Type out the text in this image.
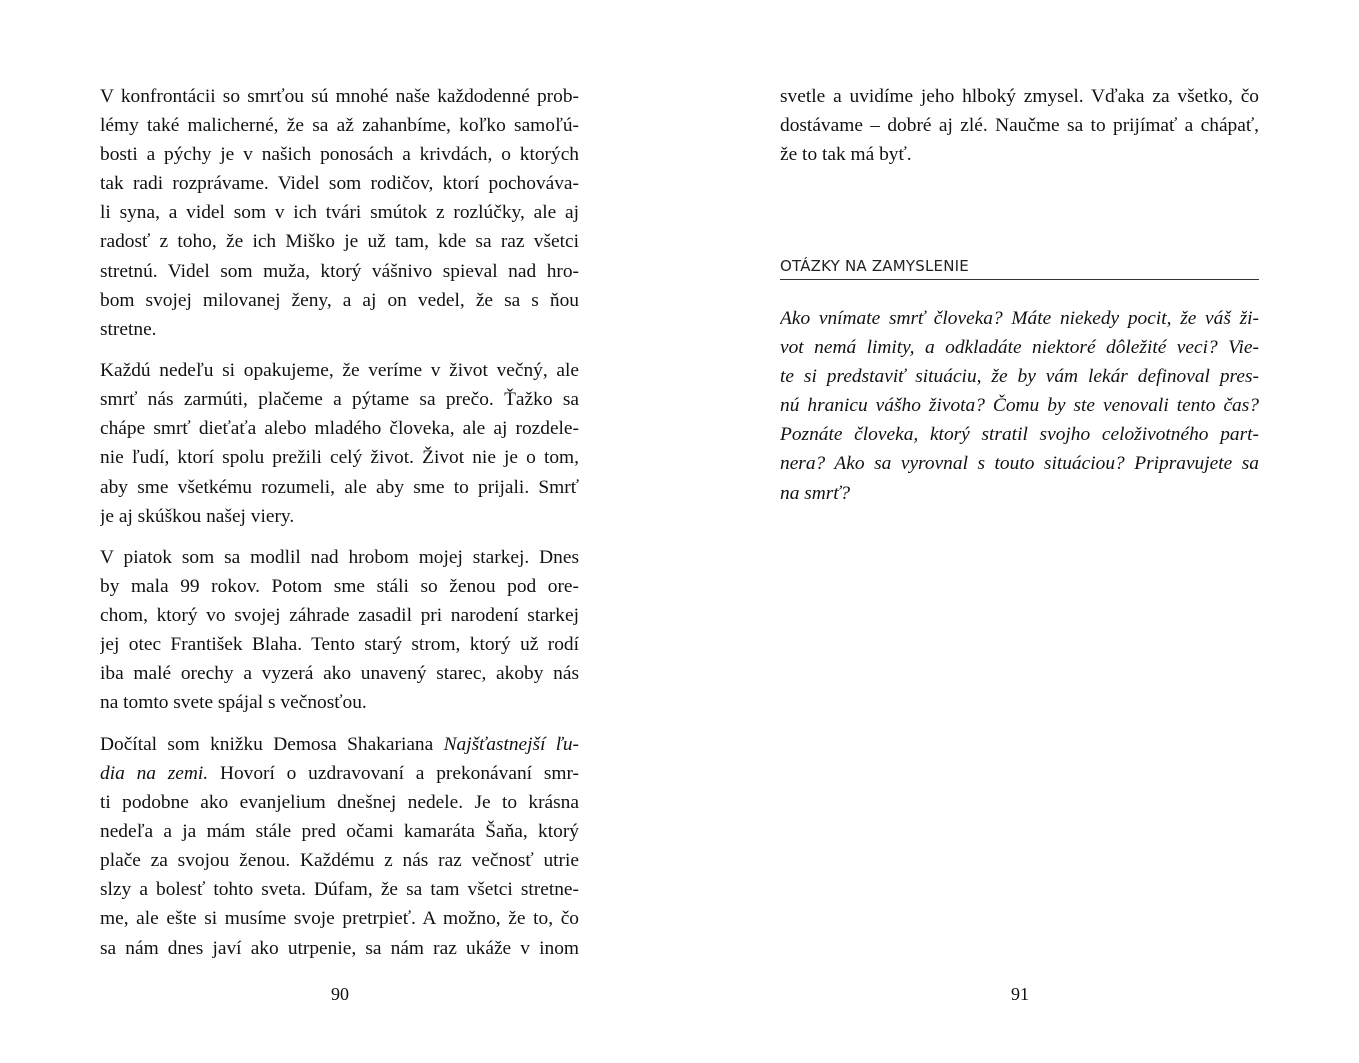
V konfrontácii so smrťou sú mnohé naše každodenné prob-
lémy také malicherné, že sa až zahanbíme, koľko samoľú-
bosti a pýchy je v našich ponosách a krivdách, o ktorých
tak radi rozprávame. Videl som rodičov, ktorí pochováva-
li syna, a videl som v ich tvári smútok z rozlúčky, ale aj
radosť z toho, že ich Miško je už tam, kde sa raz všetci
stretnú. Videl som muža, ktorý vášnivo spieval nad hro-
bom svojej milovanej ženy, a aj on vedel, že sa s ňou
stretne.
Každú nedeľu si opakujeme, že veríme v život večný, ale
smrť nás zarmúti, plačeme a pýtame sa prečo. Ťažko sa
chápe smrť dieťaťa alebo mladého človeka, ale aj rozdele-
nie ľudí, ktorí spolu prežili celý život. Život nie je o tom,
aby sme všetkému rozumeli, ale aby sme to prijali. Smrť
je aj skúškou našej viery.
V piatok som sa modlil nad hrobom mojej starkej. Dnes
by mala 99 rokov. Potom sme stáli so ženou pod ore-
chom, ktorý vo svojej záhrade zasadil pri narodení starkej
jej otec František Blaha. Tento starý strom, ktorý už rodí
iba malé orechy a vyzerá ako unavený starec, akoby nás
na tomto svete spájal s večnosťou.
Dočítal som knižku Demosa Shakariana Najšťastnejší ľu-
dia na zemi. Hovorí o uzdravovaní a prekonávaní smr-
ti podobne ako evanjelium dnešnej nedele. Je to krásna
nedeľa a ja mám stále pred očami kamaráta Šaňa, ktorý
plače za svojou ženou. Každému z nás raz večnosť utrie
slzy a bolesť tohto sveta. Dúfam, že sa tam všetci stretne-
me, ale ešte si musíme svoje pretrpieť. A možno, že to, čo
sa nám dnes javí ako utrpenie, sa nám raz ukáže v inom
90
svetle a uvidíme jeho hlboký zmysel. Vďaka za všetko, čo
dostávame – dobré aj zlé. Naučme sa to prijímať a chápať,
že to tak má byť.
OTÁZKY NA ZAMYSLENIE
Ako vnímate smrť človeka? Máte niekedy pocit, že váš ži-
vot nemá limity, a odkladáte niektoré dôležité veci? Vie-
te si predstaviť situáciu, že by vám lekár definoval pres-
nú hranicu vášho života? Čomu by ste venovali tento čas?
Poznáte človeka, ktorý stratil svojho celoživotného part-
nera? Ako sa vyrovnal s touto situáciou? Pripravujete sa
na smrť?
91
